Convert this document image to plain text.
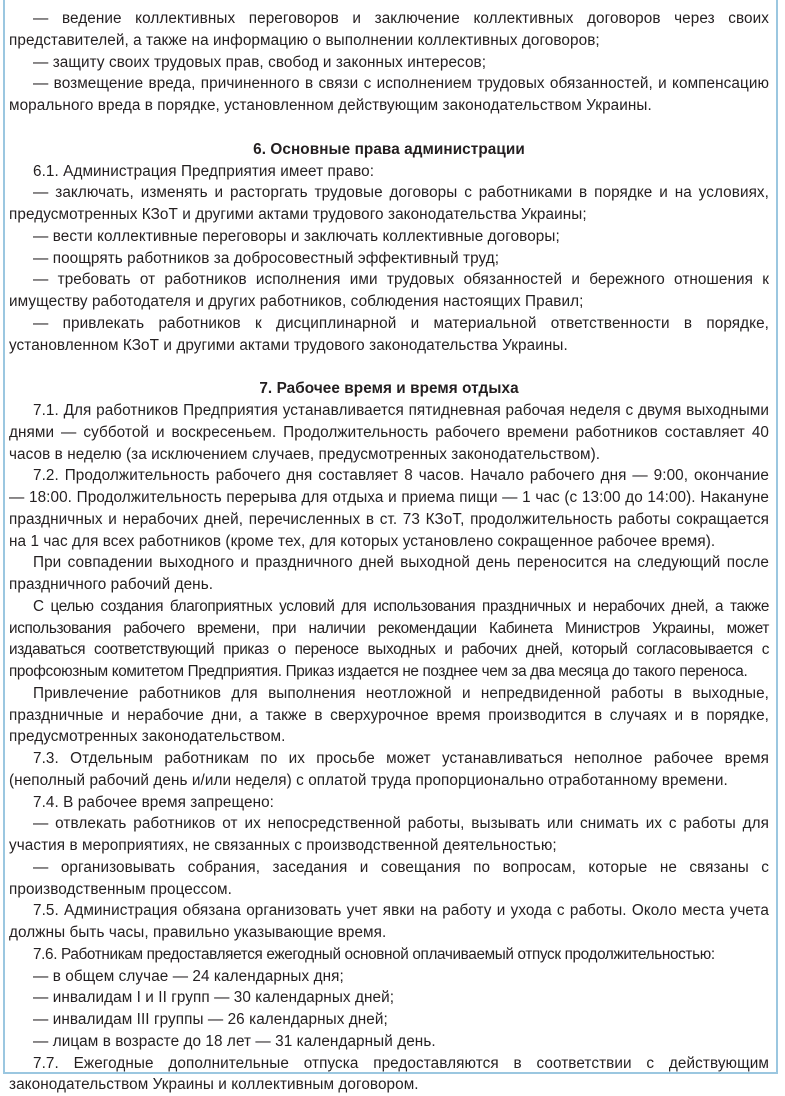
— ведение коллективных переговоров и заключение коллективных договоров через своих представителей, а также на информацию о выполнении коллективных договоров;

— защиту своих трудовых прав, свобод и законных интересов;

— возмещение вреда, причиненного в связи с исполнением трудовых обязанностей, и компенсацию морального вреда в порядке, установленном действующим законодательством Украины.

6. Основные права администрации

6.1. Администрация Предприятия имеет право:

— заключать, изменять и расторгать трудовые договоры с работниками в порядке и на условиях, предусмотренных КЗоТ и другими актами трудового законодательства Украины;

— вести коллективные переговоры и заключать коллективные договоры;

— поощрять работников за добросовестный эффективный труд;

— требовать от работников исполнения ими трудовых обязанностей и бережного отношения к имуществу работодателя и других работников, соблюдения настоящих Правил;

— привлекать работников к дисциплинарной и материальной ответственности в порядке, установленном КЗоТ и другими актами трудового законодательства Украины.

7. Рабочее время и время отдыха

7.1. Для работников Предприятия устанавливается пятидневная рабочая неделя с двумя выходными днями — субботой и воскресеньем. Продолжительность рабочего времени работников составляет 40 часов в неделю (за исключением случаев, предусмотренных законодательством).

7.2. Продолжительность рабочего дня составляет 8 часов. Начало рабочего дня — 9:00, окончание — 18:00. Продолжительность перерыва для отдыха и приема пищи — 1 час (с 13:00 до 14:00). Накануне праздничных и нерабочих дней, перечисленных в ст. 73 КЗоТ, продолжительность работы сокращается на 1 час для всех работников (кроме тех, для которых установлено сокращенное рабочее время).

При совпадении выходного и праздничного дней выходной день переносится на следующий после праздничного рабочий день.

С целью создания благоприятных условий для использования праздничных и нерабочих дней, а также использования рабочего времени, при наличии рекомендации Кабинета Министров Украины, может издаваться соответствующий приказ о переносе выходных и рабочих дней, который согласовывается с профсоюзным комитетом Предприятия. Приказ издается не позднее чем за два месяца до такого переноса.

Привлечение работников для выполнения неотложной и непредвиденной работы в выходные, праздничные и нерабочие дни, а также в сверхурочное время производится в случаях и в порядке, предусмотренных законодательством.

7.3. Отдельным работникам по их просьбе может устанавливаться неполное рабочее время (неполный рабочий день и/или неделя) с оплатой труда пропорционально отработанному времени.

7.4. В рабочее время запрещено:

— отвлекать работников от их непосредственной работы, вызывать или снимать их с работы для участия в мероприятиях, не связанных с производственной деятельностью;

— организовывать собрания, заседания и совещания по вопросам, которые не связаны с производственным процессом.

7.5. Администрация обязана организовать учет явки на работу и ухода с работы. Около места учета должны быть часы, правильно указывающие время.

7.6. Работникам предоставляется ежегодный основной оплачиваемый отпуск продолжительностью:

— в общем случае — 24 календарных дня;

— инвалидам I и II групп — 30 календарных дней;

— инвалидам III группы — 26 календарных дней;

— лицам в возрасте до 18 лет — 31 календарный день.

7.7. Ежегодные дополнительные отпуска предоставляются в соответствии с действующим законодательством Украины и коллективным договором.
